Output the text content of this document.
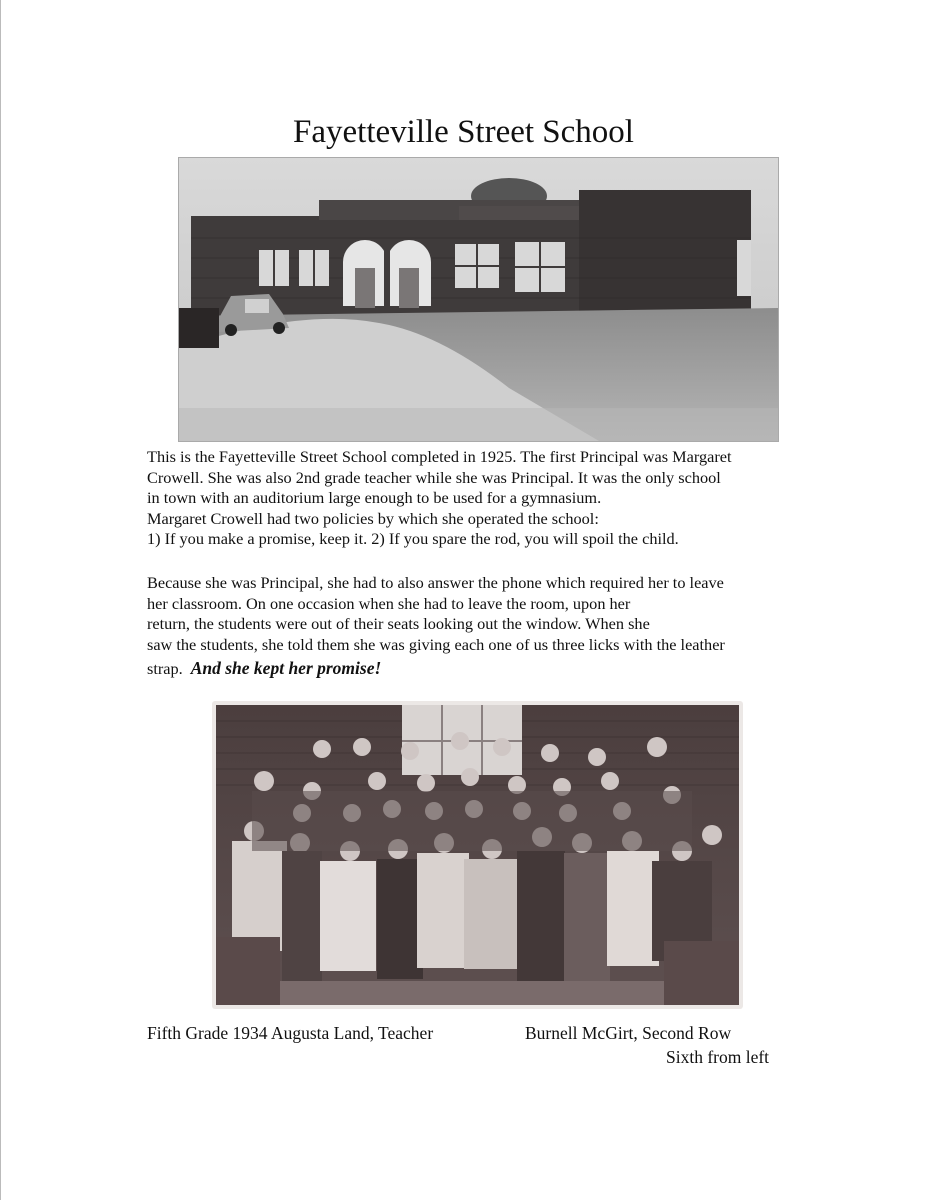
Fayetteville Street School
This is the Fayetteville Street School completed in 1925. The first Principal was Margaret
Crowell. She was also 2nd grade teacher while she was Principal. It was the only school
in town with an auditorium large enough to be used for a gymnasium.
Margaret Crowell had two policies by which she operated the school:
1) If you make a promise, keep it. 2) If you spare the rod, you will spoil the child.
Because she was Principal, she had to also answer the phone which required her to leave
her classroom. On one occasion when she had to leave the room, upon her
return, the students were out of their seats looking out the window. When she
saw the students, she told them she was giving each one of us three licks with the leather
strap. And she kept her promise!
Fifth Grade 1934 Augusta Land, Teacher	Burnell McGirt, Second Row
Sixth from left
